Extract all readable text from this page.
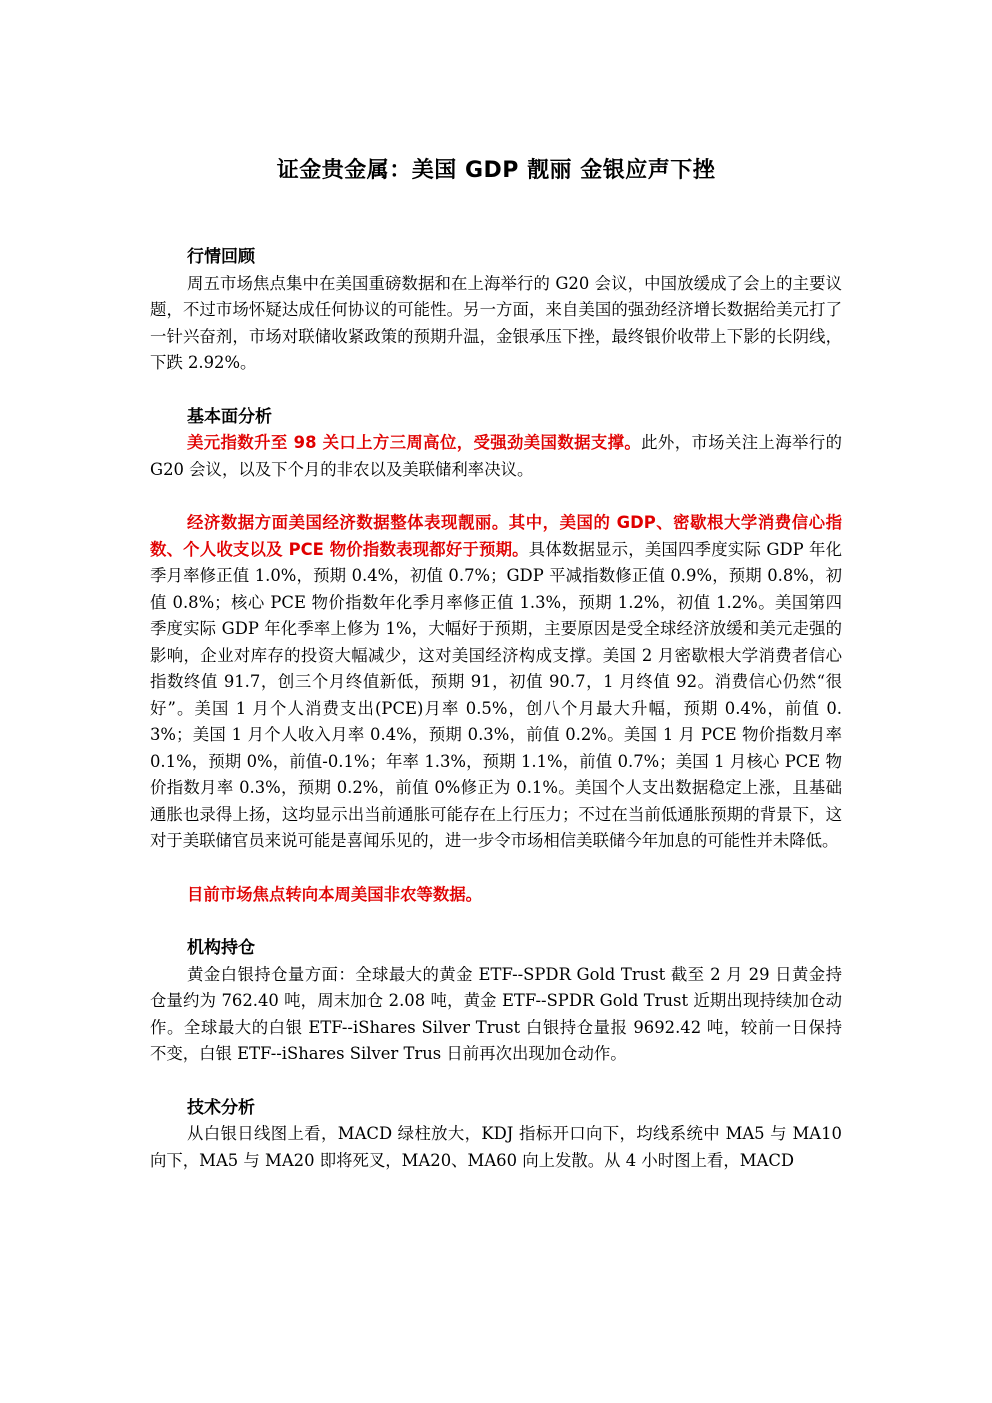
证金贵金属：美国 GDP 靓丽 金银应声下挫

行情回顾

周五市场焦点集中在美国重磅数据和在上海举行的 G20 会议，中国放缓成了会上的主要议题，不过市场怀疑达成任何协议的可能性。另一方面，来自美国的强劲经济增长数据给美元打了一针兴奋剂，市场对联储收紧政策的预期升温，金银承压下挫，最终银价收带上下影的长阴线，下跌 2.92%。

基本面分析

美元指数升至 98 关口上方三周高位，受强劲美国数据支撑。此外，市场关注上海举行的 G20 会议，以及下个月的非农以及美联储利率决议。

经济数据方面美国经济数据整体表现靓丽。其中，美国的 GDP、密歇根大学消费信心指数、个人收支以及 PCE 物价指数表现都好于预期。具体数据显示，美国四季度实际 GDP 年化季月率修正值 1.0%，预期 0.4%，初值 0.7%；GDP 平减指数修正值 0.9%，预期 0.8%，初值 0.8%；核心 PCE 物价指数年化季月率修正值 1.3%，预期 1.2%，初值 1.2%。美国第四季度实际 GDP 年化季率上修为 1%，大幅好于预期，主要原因是受全球经济放缓和美元走强的影响，企业对库存的投资大幅减少，这对美国经济构成支撑。美国 2 月密歇根大学消费者信心指数终值 91.7，创三个月终值新低，预期 91，初值 90.7，1 月终值 92。消费信心仍然“很好”。美国 1 月个人消费支出(PCE)月率 0.5%，创八个月最大升幅，预期 0.4%，前值 0.3%；美国 1 月个人收入月率 0.4%，预期 0.3%，前值 0.2%。美国 1 月 PCE 物价指数月率 0.1%，预期 0%，前值-0.1%；年率 1.3%，预期 1.1%，前值 0.7%；美国 1 月核心 PCE 物价指数月率 0.3%，预期 0.2%，前值 0%修正为 0.1%。美国个人支出数据稳定上涨，且基础通胀也录得上扬，这均显示出当前通胀可能存在上行压力；不过在当前低通胀预期的背景下，这对于美联储官员来说可能是喜闻乐见的，进一步令市场相信美联储今年加息的可能性并未降低。

目前市场焦点转向本周美国非农等数据。

机构持仓

黄金白银持仓量方面：全球最大的黄金 ETF--SPDR Gold Trust 截至 2 月 29 日黄金持仓量约为 762.40 吨，周末加仓 2.08 吨，黄金 ETF--SPDR Gold Trust 近期出现持续加仓动作。全球最大的白银 ETF--iShares Silver Trust 白银持仓量报 9692.42 吨，较前一日保持不变，白银 ETF--iShares Silver Trus 日前再次出现加仓动作。

技术分析

从白银日线图上看，MACD 绿柱放大，KDJ 指标开口向下，均线系统中 MA5 与 MA10 向下，MA5 与 MA20 即将死叉，MA20、MA60 向上发散。从 4 小时图上看，MACD
